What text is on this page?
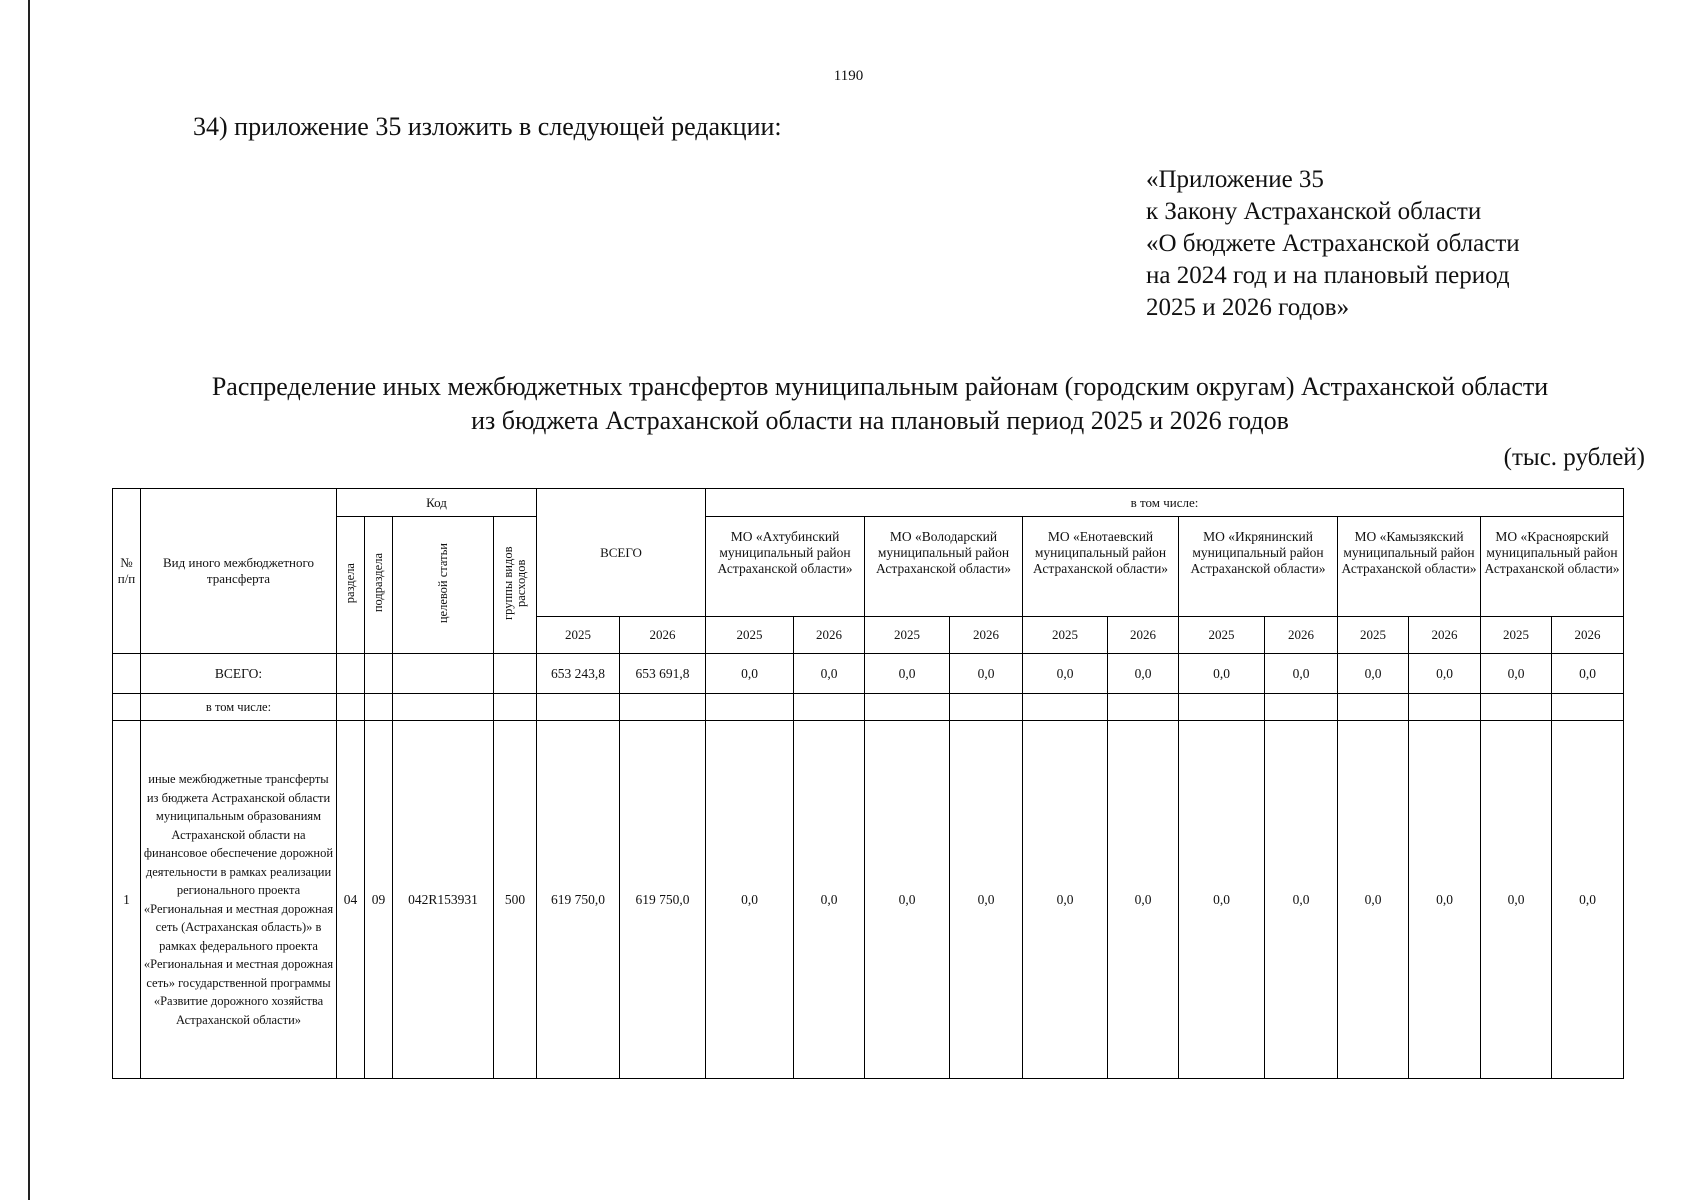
1190
34) приложение 35 изложить в следующей редакции:
«Приложение 35
к Закону Астраханской области
«О бюджете Астраханской области
на 2024 год и на плановый период
2025 и 2026 годов»
Распределение иных межбюджетных трансфертов муниципальным районам (городским округам) Астраханской области
из бюджета Астраханской области на плановый период 2025 и 2026 годов
(тыс. рублей)
№ п/п	Вид иного межбюджетного трансферта	Код				ВСЕГО		в том числе:											
		раздела	подраздела	целевой статьи	группы видов расходов			МО «Ахтубинский муниципальный район Астраханской области»		МО «Володарский муниципальный район Астраханской области»		МО «Енотаевский муниципальный район Астраханской области»		МО «Икрянинский муниципальный район Астраханской области»		МО «Камызякский муниципальный район Астраханской области»		МО «Красноярский муниципальный район Астраханской области»	
						2025	2026	2025	2026	2025	2026	2025	2026	2025	2026	2025	2026	2025	2026
	ВСЕГО:					653 243,8	653 691,8	0,0	0,0	0,0	0,0	0,0	0,0	0,0	0,0	0,0	0,0	0,0	0,0
	в том числе:																		
1	иные межбюджетные трансферты из бюджета Астраханской области муниципальным образованиям Астраханской области на финансовое обеспечение дорожной деятельности в рамках реализации регионального проекта «Региональная и местная дорожная сеть (Астраханская область)» в рамках федерального проекта «Региональная и местная дорожная сеть» государственной программы «Развитие дорожного хозяйства Астраханской области»	04	09	042R153931	500	619 750,0	619 750,0	0,0	0,0	0,0	0,0	0,0	0,0	0,0	0,0	0,0	0,0	0,0	0,0
